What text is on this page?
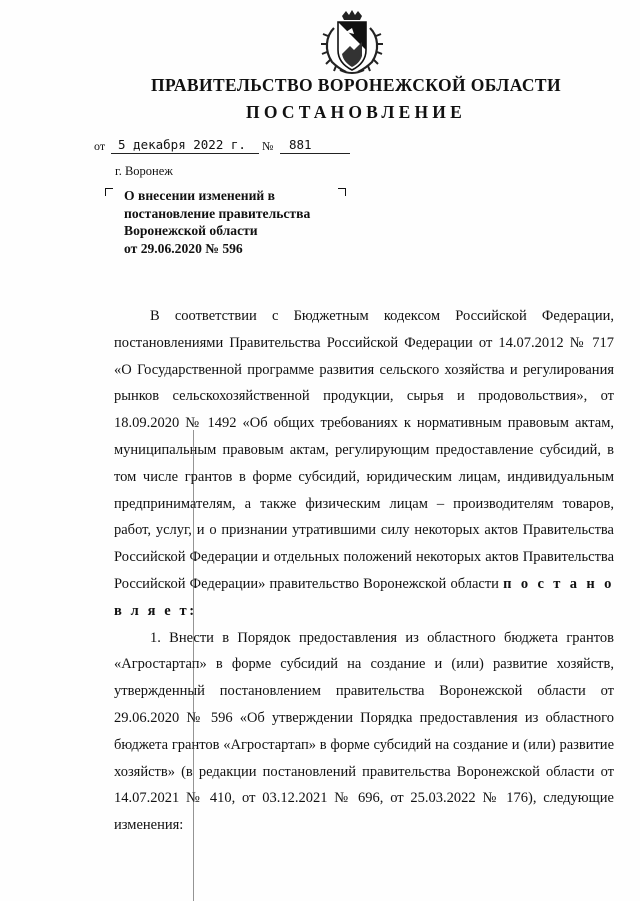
ПРАВИТЕЛЬСТВО ВОРОНЕЖСКОЙ ОБЛАСТИ
ПОСТАНОВЛЕНИЕ
от 5 декабря 2022 г. № 881
г. Воронеж
О внесении изменений в
постановление правительства
Воронежской области
от 29.06.2020 № 596

В соответствии с Бюджетным кодексом Российской Федерации, постановлениями Правительства Российской Федерации от 14.07.2012 № 717 «О Государственной программе развития сельского хозяйства и регулирования рынков сельскохозяйственной продукции, сырья и продовольствия», от 18.09.2020 № 1492 «Об общих требованиях к нормативным правовым актам, муниципальным правовым актам, регулирующим предоставление субсидий, в том числе грантов в форме субсидий, юридическим лицам, индивидуальным предпринимателям, а также физическим лицам – производителям товаров, работ, услуг, и о признании утратившими силу некоторых актов Правительства Российской Федерации и отдельных положений некоторых актов Правительства Российской Федерации» правительство Воронежской области п о с т а н о в л я е т:

1. Внести в Порядок предоставления из областного бюджета грантов «Агростартап» в форме субсидий на создание и (или) развитие хозяйств, утвержденный постановлением правительства Воронежской области от 29.06.2020 № 596 «Об утверждении Порядка предоставления из областного бюджета грантов «Агростартап» в форме субсидий на создание и (или) развитие хозяйств» (в редакции постановлений правительства Воронежской области от 14.07.2021 № 410, от 03.12.2021 № 696, от 25.03.2022 № 176), следующие изменения:
